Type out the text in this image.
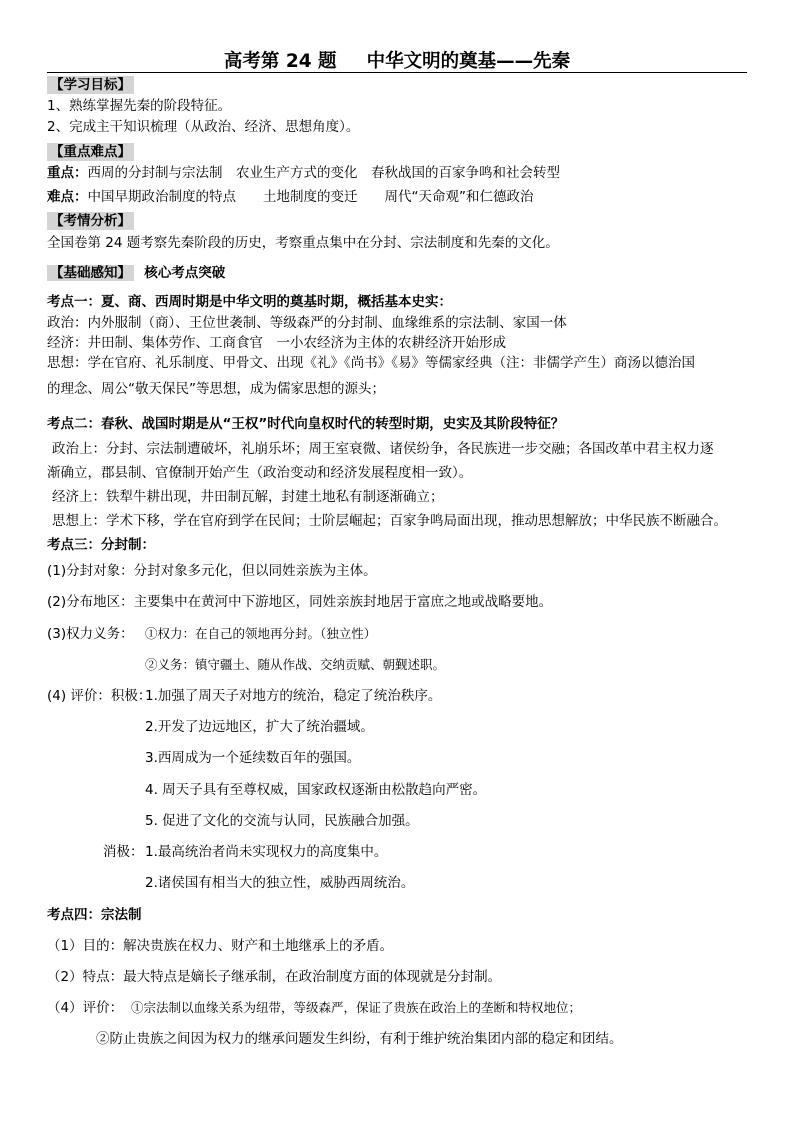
高考第 24 题 中华文明的奠基——先秦
【学习目标】
1、熟练掌握先秦的阶段特征。
2、完成主干知识梳理（从政治、经济、思想角度）。
【重点难点】
重点：西周的分封制与宗法制　农业生产方式的变化　春秋战国的百家争鸣和社会转型
难点：中国早期政治制度的特点　　土地制度的变迁　　周代“天命观”和仁德政治
【考情分析】
全国卷第 24 题考察先秦阶段的历史，考察重点集中在分封、宗法制度和先秦的文化。
【基础感知】 核心考点突破
考点一：夏、商、西周时期是中华文明的奠基时期，概括基本史实：
政治：内外服制（商）、王位世袭制、等级森严的分封制、血缘维系的宗法制、家国一体
经济：井田制、集体劳作、工商食官　一小农经济为主体的农耕经济开始形成
思想：学在官府、礼乐制度、甲骨文、出现《礼》《尚书》《易》等儒家经典（注：非儒学产生）商汤以德治国
的理念、周公“敬天保民”等思想，成为儒家思想的源头；
考点二：春秋、战国时期是从“王权”时代向皇权时代的转型时期，史实及其阶段特征？
政治上：分封、宗法制遭破坏，礼崩乐坏；周王室衰微、诸侯纷争，各民族进一步交融；各国改革中君主权力逐
渐确立，郡县制、官僚制开始产生（政治变动和经济发展程度相一致）。
经济上：铁犁牛耕出现，井田制瓦解，封建土地私有制逐渐确立；
思想上：学术下移，学在官府到学在民间；士阶层崛起；百家争鸣局面出现，推动思想解放；中华民族不断融合。
考点三：分封制：
(1)分封对象：分封对象多元化，但以同姓亲族为主体。
(2)分布地区：主要集中在黄河中下游地区，同姓亲族封地居于富庶之地或战略要地。
(3)权力义务： ①权力：在自己的领地再分封。（独立性）
②义务：镇守疆土、随从作战、交纳贡赋、朝觐述职。
(4) 评价：积极：
1.加强了周天子对地方的统治，稳定了统治秩序。
2.开发了边远地区，扩大了统治疆域。
3.西周成为一个延续数百年的强国。
4. 周天子具有至尊权威，国家政权逐渐由松散趋向严密。
5. 促进了文化的交流与认同，民族融合加强。
消极： 1.最高统治者尚未实现权力的高度集中。
2.诸侯国有相当大的独立性，威胁西周统治。
考点四：宗法制
（1）目的：解决贵族在权力、财产和土地继承上的矛盾。
（2）特点：最大特点是嫡长子继承制，在政治制度方面的体现就是分封制。
（4）评价： ①宗法制以血缘关系为纽带，等级森严，保证了贵族在政治上的垄断和特权地位；
②防止贵族之间因为权力的继承问题发生纠纷，有利于维护统治集团内部的稳定和团结。
